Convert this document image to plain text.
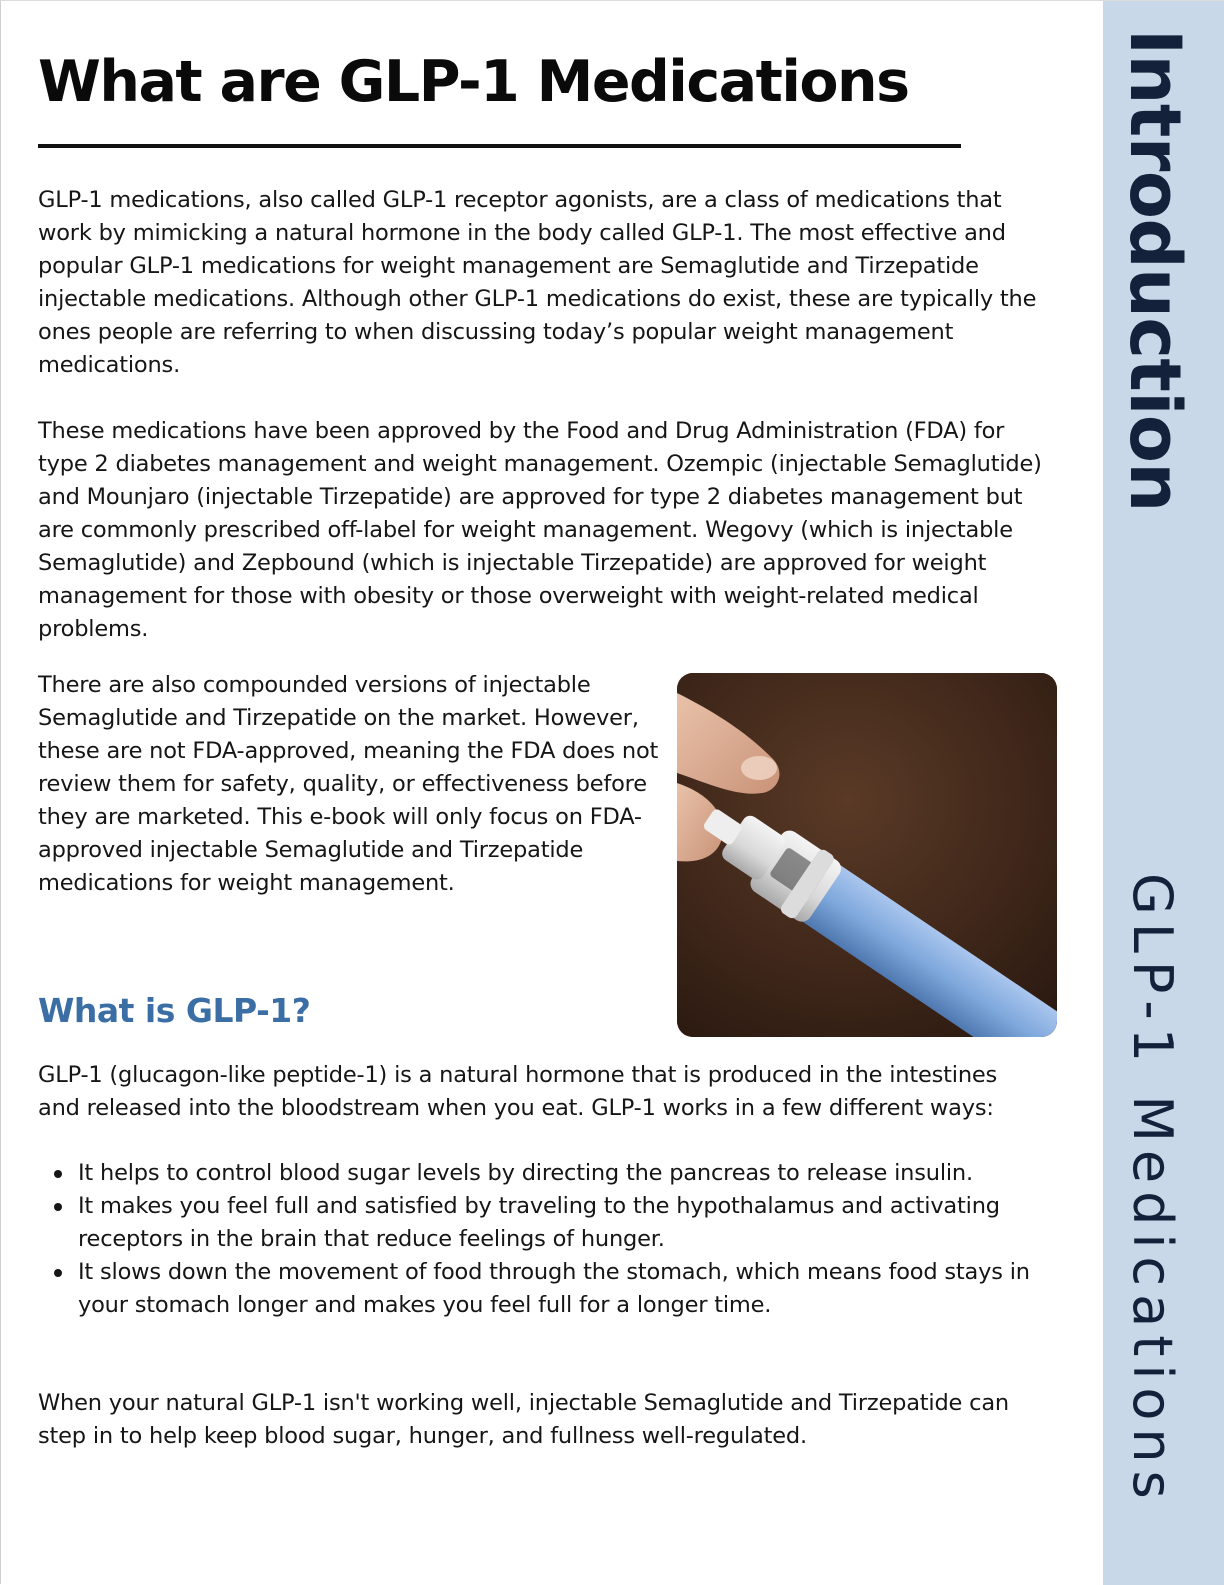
What are GLP-1 Medications

GLP-1 medications, also called GLP-1 receptor agonists, are a class of medications that work by mimicking a natural hormone in the body called GLP-1. The most effective and popular GLP-1 medications for weight management are Semaglutide and Tirzepatide injectable medications. Although other GLP-1 medications do exist, these are typically the ones people are referring to when discussing today’s popular weight management medications.

These medications have been approved by the Food and Drug Administration (FDA) for type 2 diabetes management and weight management. Ozempic (injectable Semaglutide) and Mounjaro (injectable Tirzepatide) are approved for type 2 diabetes management but are commonly prescribed off-label for weight management. Wegovy (which is injectable Semaglutide) and Zepbound (which is injectable Tirzepatide) are approved for weight management for those with obesity or those overweight with weight-related medical problems.

There are also compounded versions of injectable Semaglutide and Tirzepatide on the market. However, these are not FDA-approved, meaning the FDA does not review them for safety, quality, or effectiveness before they are marketed. This e-book will only focus on FDA-approved injectable Semaglutide and Tirzepatide medications for weight management.

What is GLP-1?

GLP-1 (glucagon-like peptide-1) is a natural hormone that is produced in the intestines and released into the bloodstream when you eat. GLP-1 works in a few different ways:

It helps to control blood sugar levels by directing the pancreas to release insulin.
It makes you feel full and satisfied by traveling to the hypothalamus and activating receptors in the brain that reduce feelings of hunger.
It slows down the movement of food through the stomach, which means food stays in your stomach longer and makes you feel full for a longer time.

When your natural GLP-1 isn't working well, injectable Semaglutide and Tirzepatide can step in to help keep blood sugar, hunger, and fullness well-regulated.

Introduction
GLP-1 Medications
